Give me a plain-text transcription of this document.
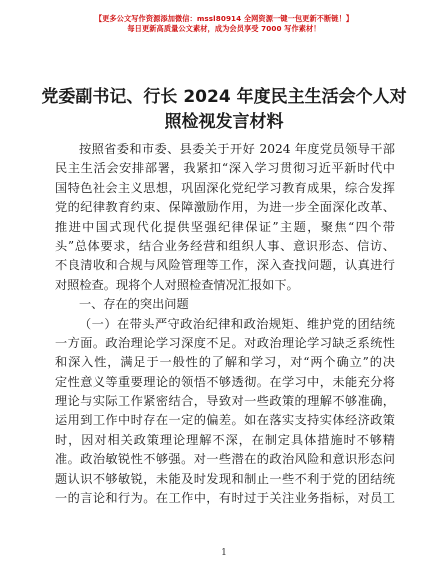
【更多公文写作资源添加微信：mssl80914 全网资源一键一包更新不断链！】
每日更新高质量公文素材，成为会员享受 7000 写作素材！
党委副书记、行长 2024 年度民主生活会个人对
照检视发言材料
按照省委和市委、县委关于开好 2024 年度党员领导干部
民主生活会安排部署，我紧扣“深入学习贯彻习近平新时代中
国特色社会主义思想，巩固深化党纪学习教育成果，综合发挥
党的纪律教育约束、保障激励作用，为进一步全面深化改革、
推进中国式现代化提供坚强纪律保证”主题，聚焦“四个带
头”总体要求，结合业务经营和组织人事、意识形态、信访、
不良清收和合规与风险管理等工作，深入查找问题，认真进行
对照检查。现将个人对照检查情况汇报如下。
一、存在的突出问题
（一）在带头严守政治纪律和政治规矩、维护党的团结统
一方面。政治理论学习深度不足。对政治理论学习缺乏系统性
和深入性，满足于一般性的了解和学习，对“两个确立”的决
定性意义等重要理论的领悟不够透彻。在学习中，未能充分将
理论与实际工作紧密结合，导致对一些政策的理解不够准确，
运用到工作中时存在一定的偏差。如在落实支持实体经济政策
时，因对相关政策理论理解不深，在制定具体措施时不够精
准。政治敏锐性不够强。对一些潜在的政治风险和意识形态问
题认识不够敏锐，未能及时发现和制止一些不利于党的团结统
一的言论和行为。在工作中，有时过于关注业务指标，对员工
1
